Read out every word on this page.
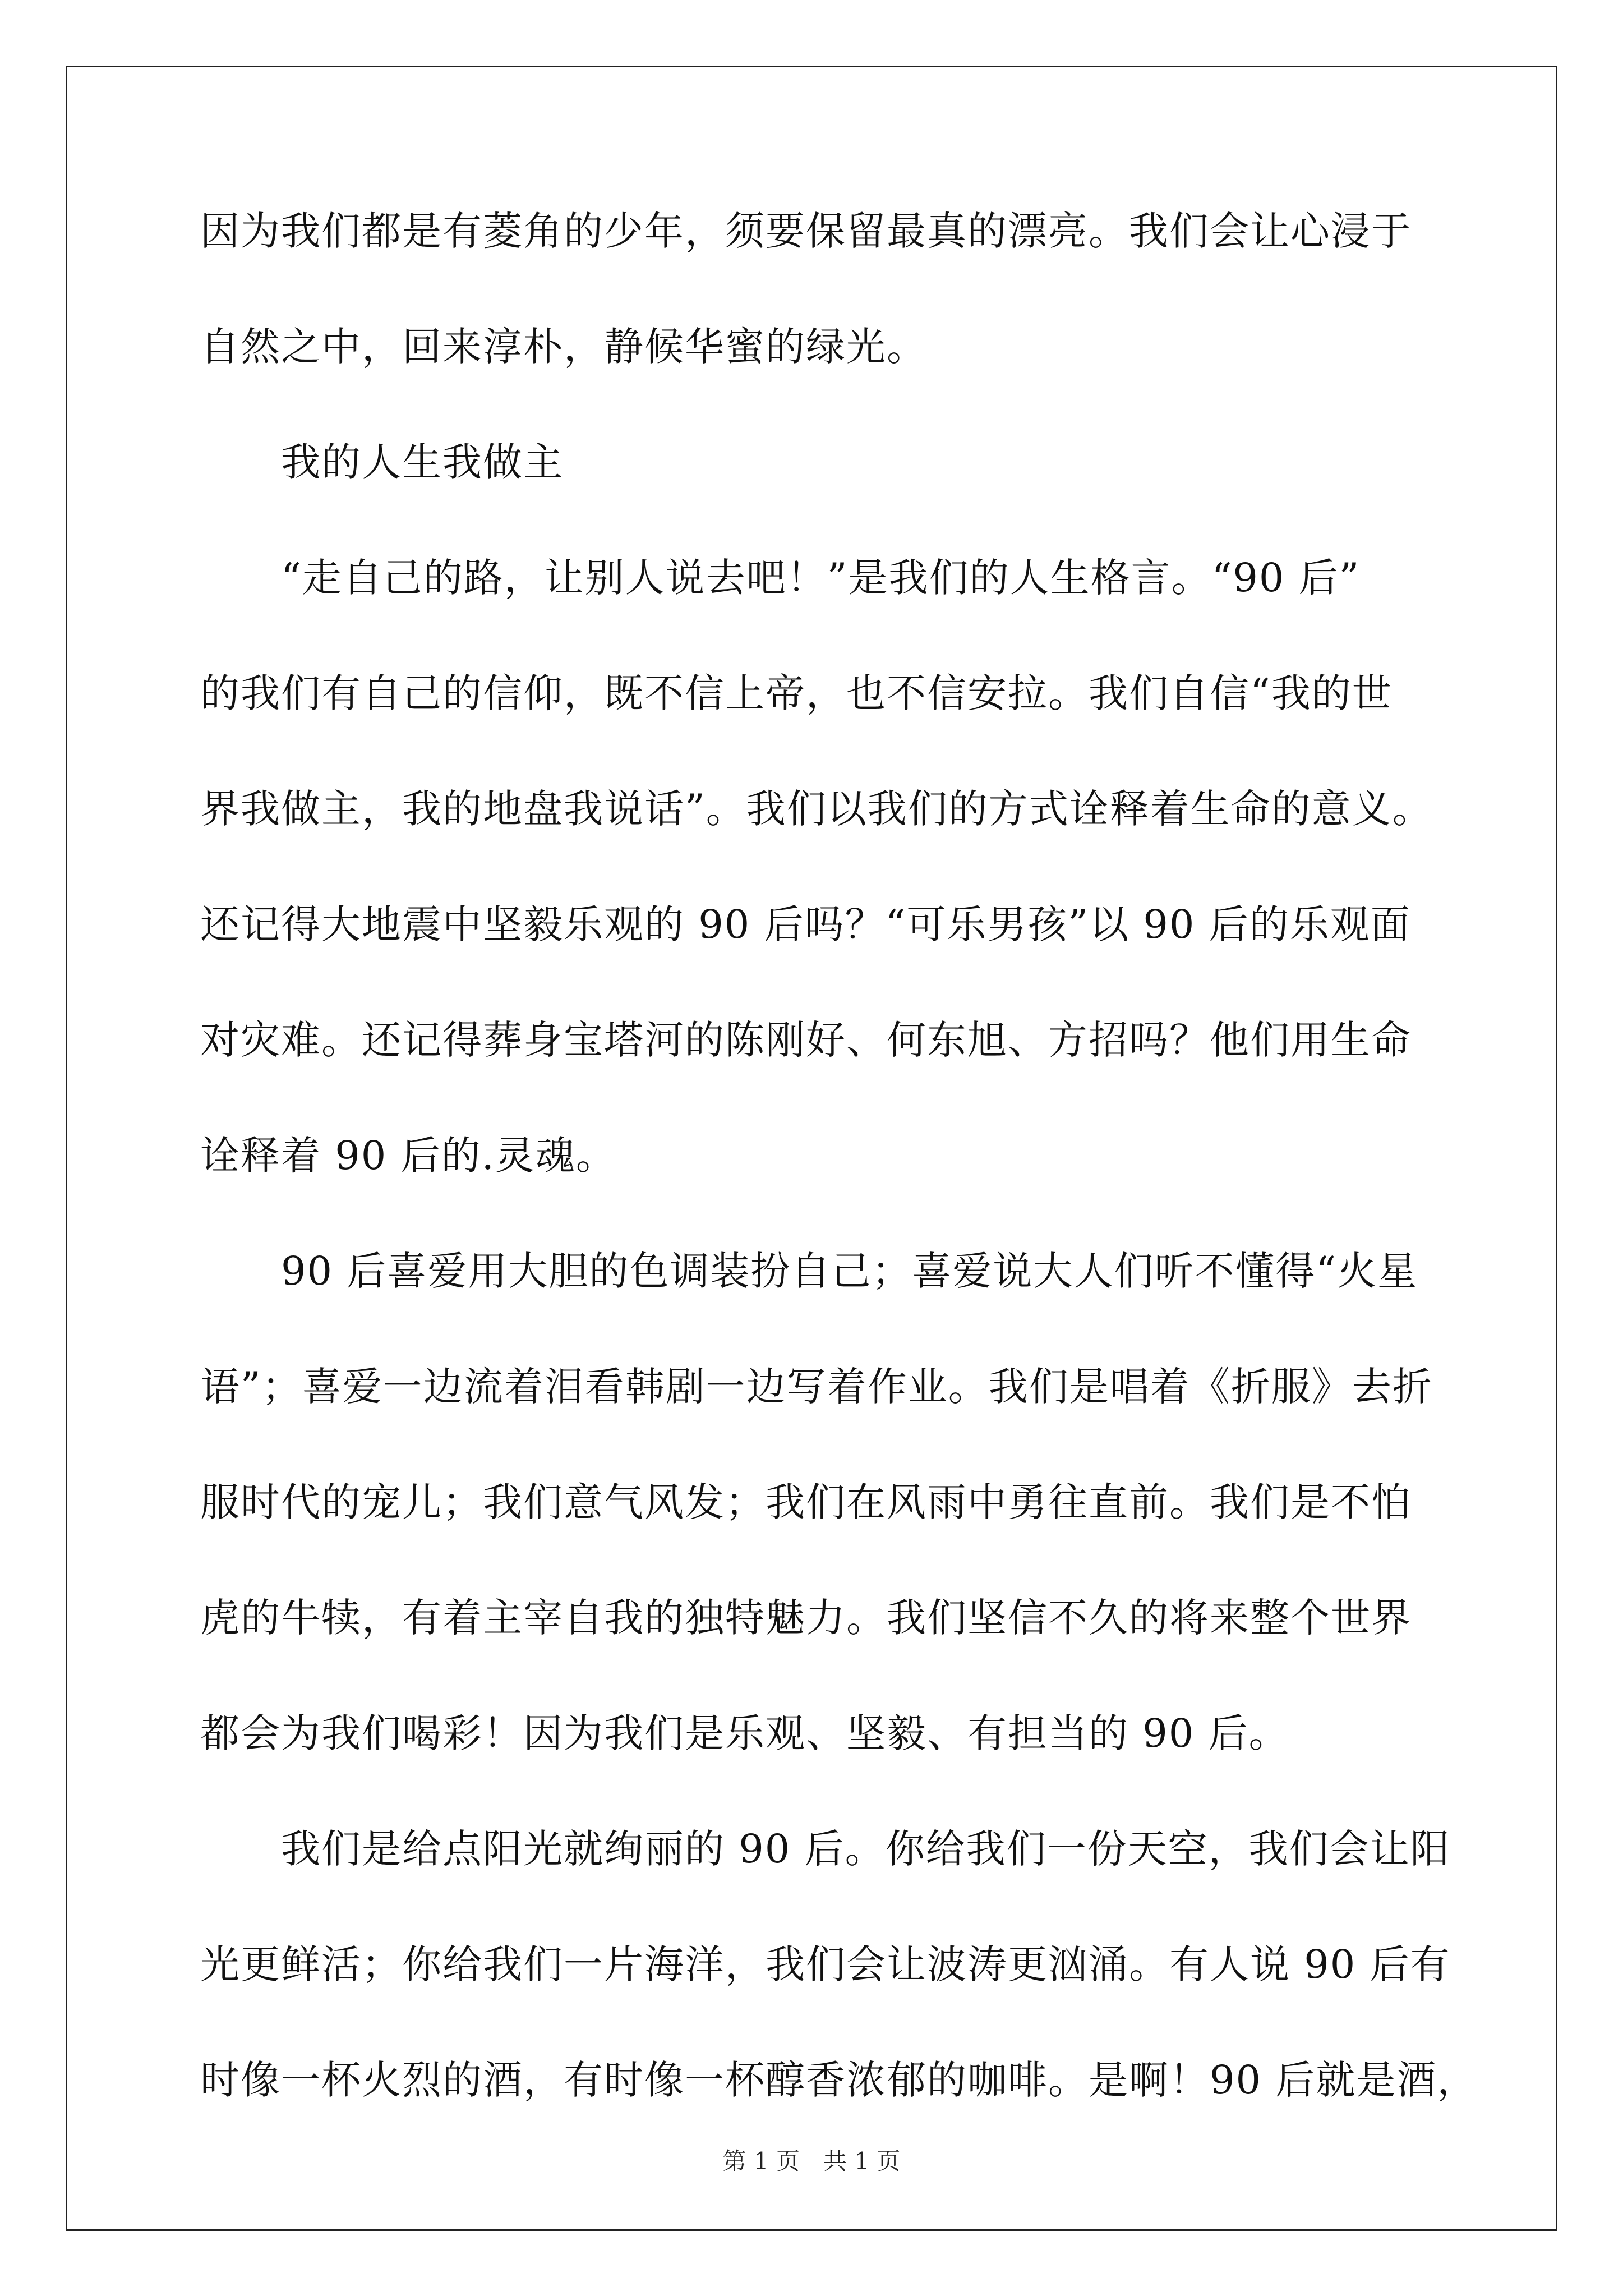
因为我们都是有菱角的少年，须要保留最真的漂亮。我们会让心浸于
自然之中，回来淳朴，静候华蜜的绿光。
　　我的人生我做主
　　“走自己的路，让别人说去吧！”是我们的人生格言。“90 后”
的我们有自己的信仰，既不信上帝，也不信安拉。我们自信“我的世
界我做主，我的地盘我说话”。我们以我们的方式诠释着生命的意义。
还记得大地震中坚毅乐观的 90 后吗？“可乐男孩”以 90 后的乐观面
对灾难。还记得葬身宝塔河的陈刚好、何东旭、方招吗？他们用生命
诠释着 90 后的.灵魂。
　　90 后喜爱用大胆的色调装扮自己；喜爱说大人们听不懂得“火星
语”；喜爱一边流着泪看韩剧一边写着作业。我们是唱着《折服》去折
服时代的宠儿；我们意气风发；我们在风雨中勇往直前。我们是不怕
虎的牛犊，有着主宰自我的独特魅力。我们坚信不久的将来整个世界
都会为我们喝彩！因为我们是乐观、坚毅、有担当的 90 后。
　　我们是给点阳光就绚丽的 90 后。你给我们一份天空，我们会让阳
光更鲜活；你给我们一片海洋，我们会让波涛更汹涌。有人说 90 后有
时像一杯火烈的酒，有时像一杯醇香浓郁的咖啡。是啊！90 后就是酒，
第 1 页　共 1 页
